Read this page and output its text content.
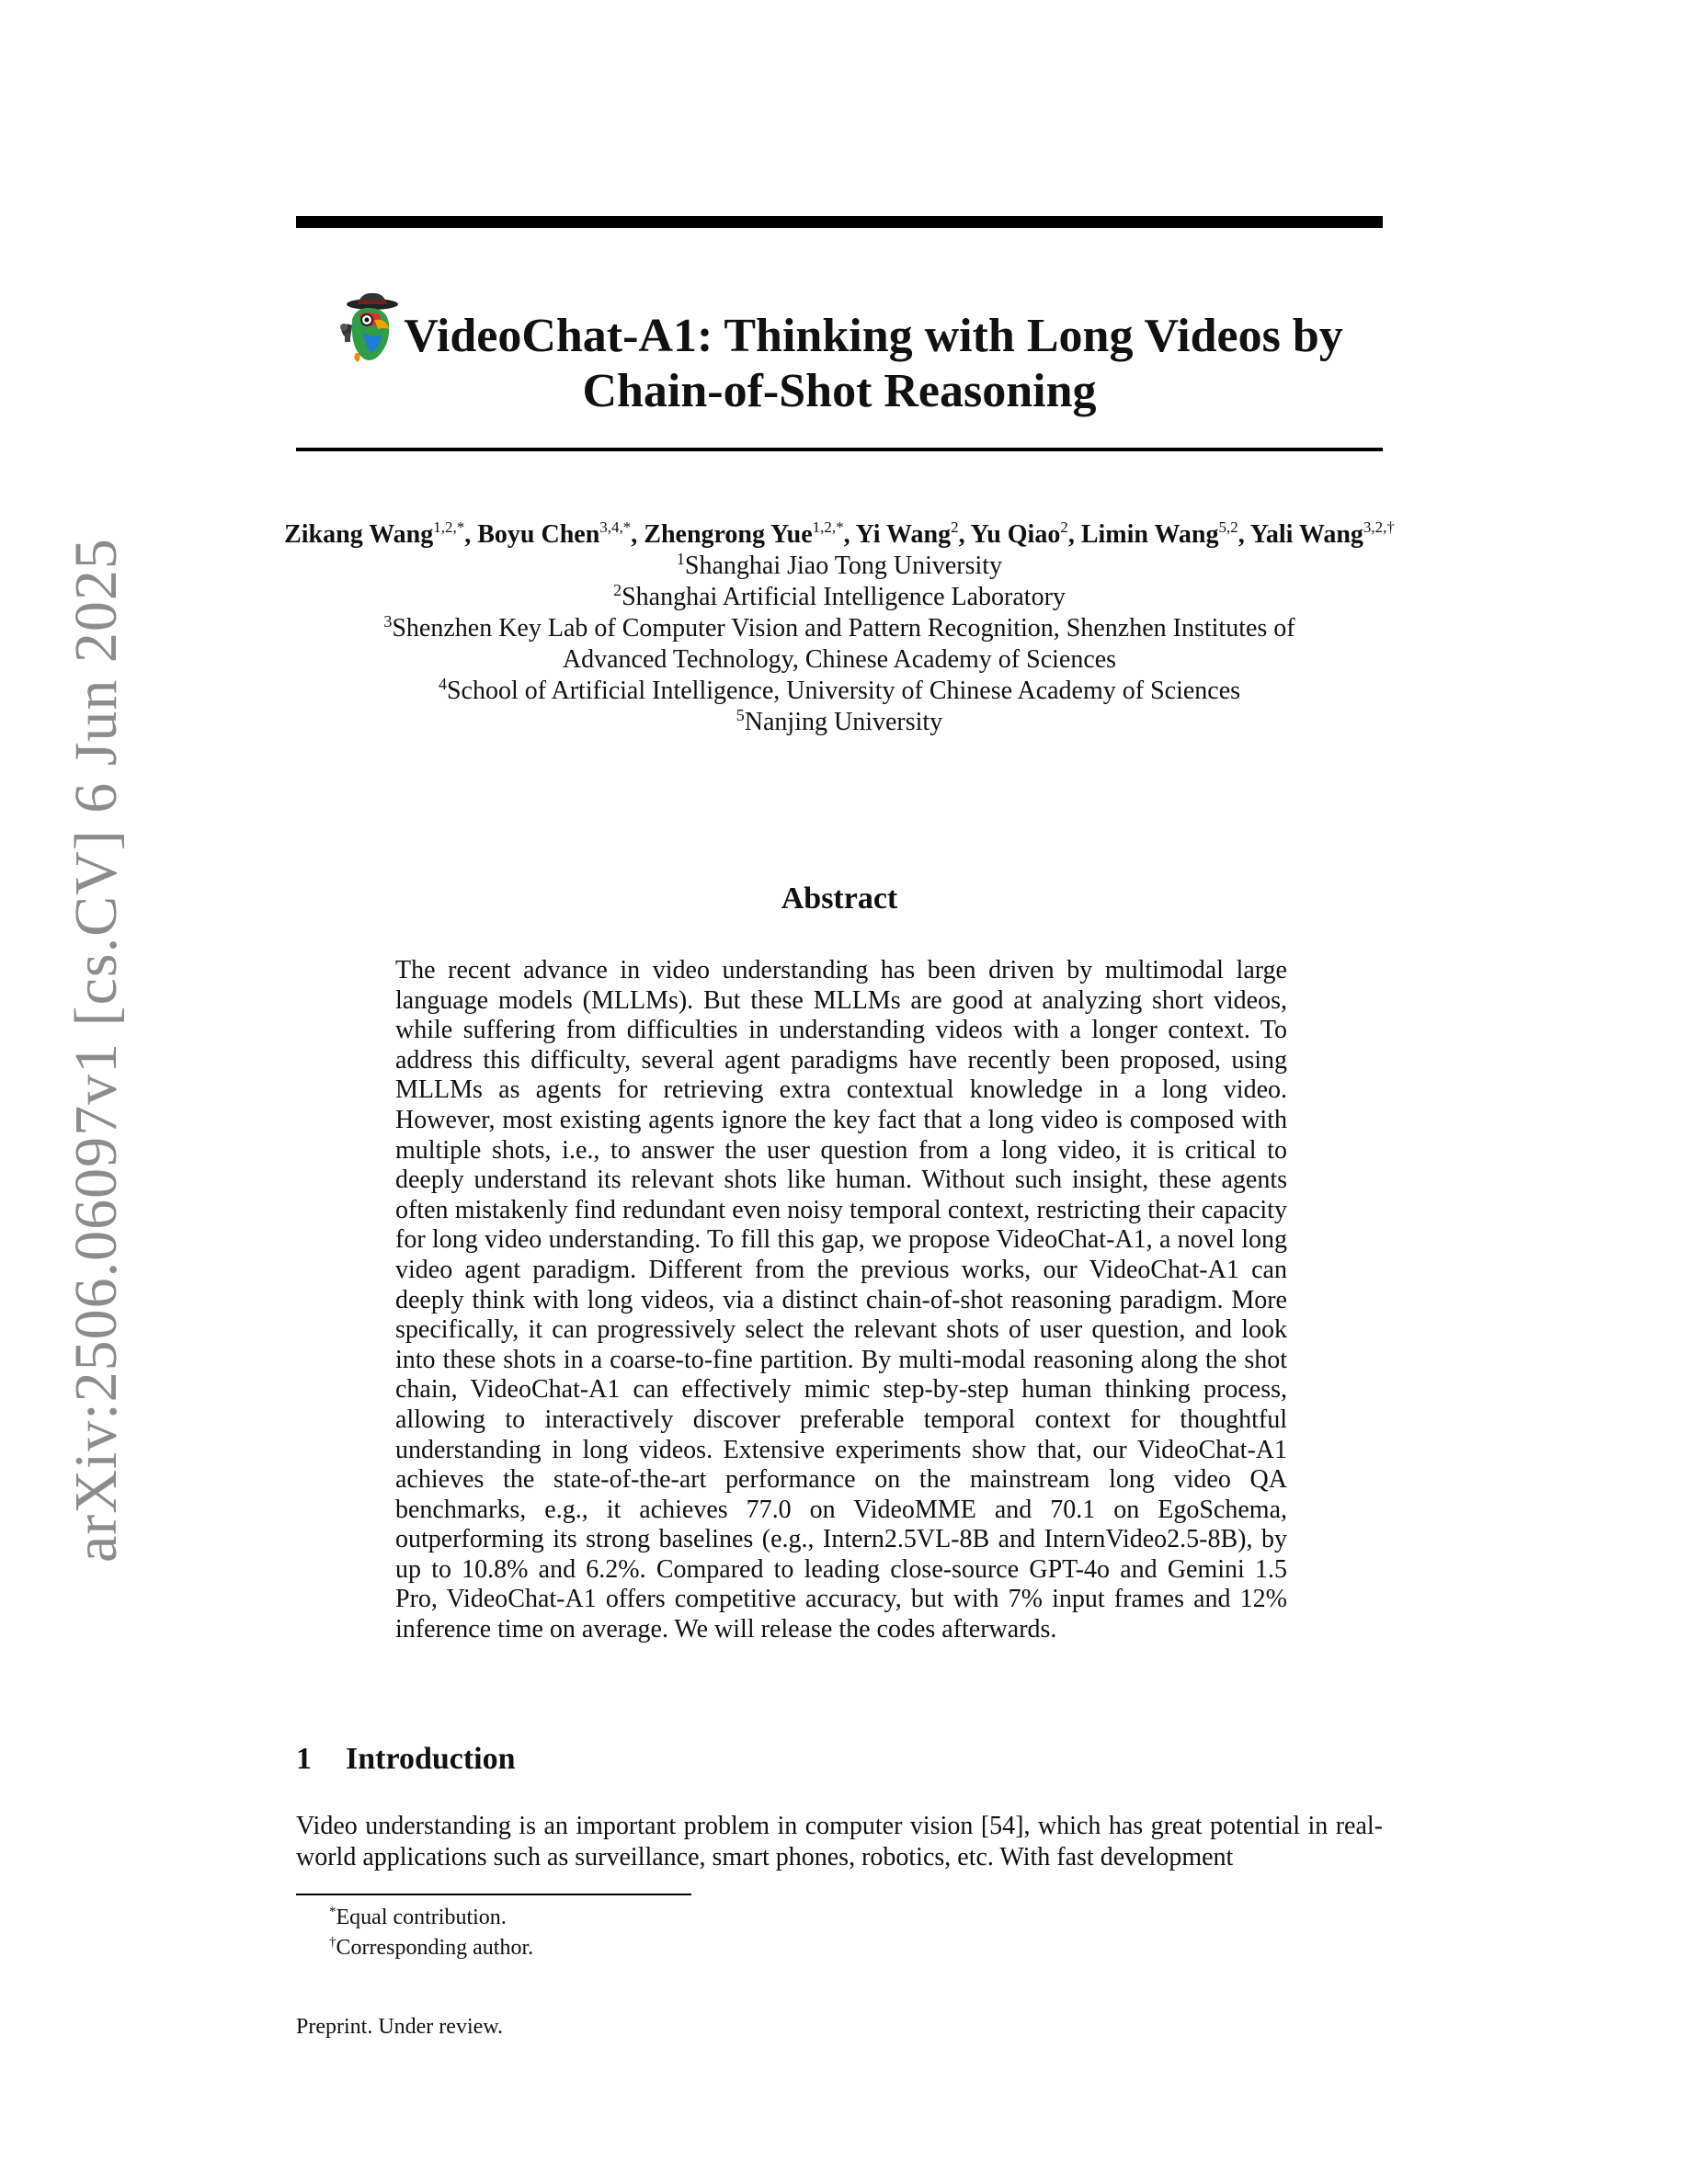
arXiv:2506.06097v1 [cs.CV] 6 Jun 2025
VideoChat-A1: Thinking with Long Videos by
Chain-of-Shot Reasoning
Zikang Wang$^{1,2,*}$, Boyu Chen$^{3,4,*}$, Zhengrong Yue$^{1,2,*}$, Yi Wang$^2$, Yu Qiao$^2$, Limin Wang$^{5,2}$, Yali Wang$^{3,2,\dagger}$
$^1$Shanghai Jiao Tong University
$^2$Shanghai Artificial Intelligence Laboratory
$^3$Shenzhen Key Lab of Computer Vision and Pattern Recognition, Shenzhen Institutes of
Advanced Technology, Chinese Academy of Sciences
$^4$School of Artificial Intelligence, University of Chinese Academy of Sciences
$^5$Nanjing University
Abstract
The recent advance in video understanding has been driven by multimodal large language models (MLLMs). But these MLLMs are good at analyzing short videos, while suffering from difficulties in understanding videos with a longer context. To address this difficulty, several agent paradigms have recently been proposed, using MLLMs as agents for retrieving extra contextual knowledge in a long video. However, most existing agents ignore the key fact that a long video is composed with multiple shots, i.e., to answer the user question from a long video, it is critical to deeply understand its relevant shots like human. Without such insight, these agents often mistakenly find redundant even noisy temporal context, restricting their capacity for long video understanding. To fill this gap, we propose VideoChat-A1, a novel long video agent paradigm. Different from the previous works, our VideoChat-A1 can deeply think with long videos, via a distinct chain-of-shot reasoning paradigm. More specifically, it can progressively select the relevant shots of user question, and look into these shots in a coarse-to-fine partition. By multi-modal reasoning along the shot chain, VideoChat-A1 can effectively mimic step-by-step human thinking process, allowing to interactively discover preferable temporal context for thoughtful understanding in long videos. Extensive experiments show that, our VideoChat-A1 achieves the state-of-the-art performance on the mainstream long video QA benchmarks, e.g., it achieves 77.0 on VideoMME and 70.1 on EgoSchema, outperforming its strong baselines (e.g., Intern2.5VL-8B and InternVideo2.5-8B), by up to 10.8% and 6.2%. Compared to leading close-source GPT-4o and Gemini 1.5 Pro, VideoChat-A1 offers competitive accuracy, but with 7% input frames and 12% inference time on average. We will release the codes afterwards.
1 Introduction
Video understanding is an important problem in computer vision [54], which has great potential in real-world applications such as surveillance, smart phones, robotics, etc. With fast development
*Equal contribution.
†Corresponding author.
Preprint. Under review.
